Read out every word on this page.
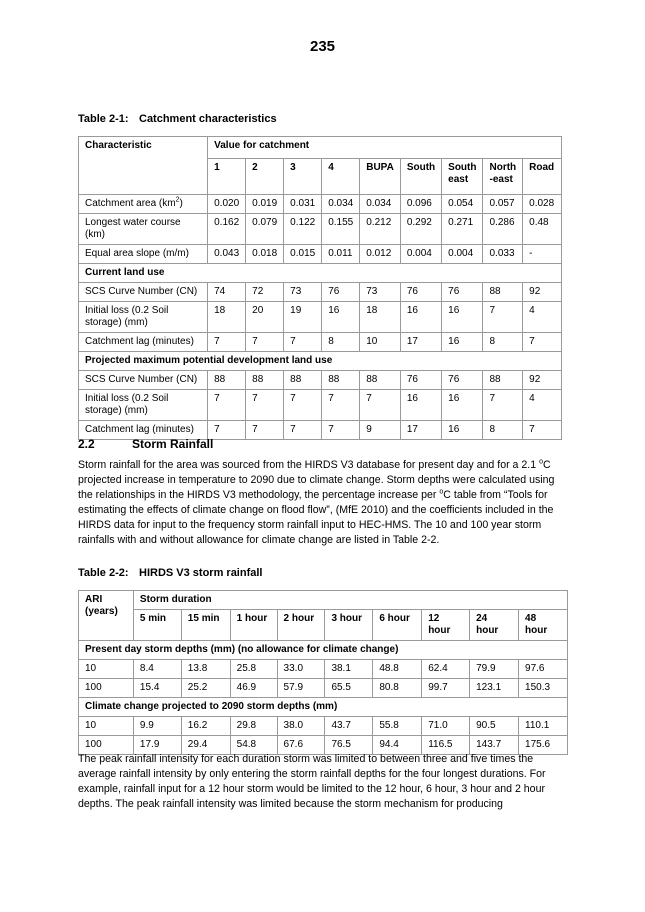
235
Table 2-1: Catchment characteristics
Characteristic	Value for catchment								
	1	2	3	4	BUPA	South	South east	North -east	Road
Catchment area $(km^2)$	0.020	0.019	0.031	0.034	0.034	0.096	0.054	0.057	0.028
Longest water course (km)	0.162	0.079	0.122	0.155	0.212	0.292	0.271	0.286	0.48
Equal area slope (m/m)	0.043	0.018	0.015	0.011	0.012	0.004	0.004	0.033	-
Current land use									
SCS Curve Number (CN)	74	72	73	76	73	76	76	88	92
Initial loss (0.2 Soil storage) (mm)	18	20	19	16	18	16	16	7	4
Catchment lag (minutes)	7	7	7	8	10	17	16	8	7
Projected maximum potential development land use									
SCS Curve Number (CN)	88	88	88	88	88	76	76	88	92
Initial loss (0.2 Soil storage) (mm)	7	7	7	7	7	16	16	7	4
Catchment lag (minutes)	7	7	7	7	9	17	16	8	7
2.2	Storm Rainfall

Storm rainfall for the area was sourced from the HIRDS V3 database for present day and for a 2.1 $^o$C projected increase in temperature to 2090 due to climate change. Storm depths were calculated using the relationships in the HIRDS V3 methodology, the percentage increase per $^o$C table from “Tools for estimating the effects of climate change on flood flow”, (MfE 2010) and the coefficients included in the HIRDS data for input to the frequency storm rainfall input to HEC-HMS. The 10 and 100 year storm rainfalls with and without allowance for climate change are listed in Table 2-2.

Table 2-2: HIRDS V3 storm rainfall
ARI (years)	Storm duration								
	5 min	15 min	1 hour	2 hour	3 hour	6 hour	12 hour	24 hour	48 hour
Present day storm depths (mm) (no allowance for climate change)									
10	8.4	13.8	25.8	33.0	38.1	48.8	62.4	79.9	97.6
100	15.4	25.2	46.9	57.9	65.5	80.8	99.7	123.1	150.3
Climate change projected to 2090 storm depths (mm)									
10	9.9	16.2	29.8	38.0	43.7	55.8	71.0	90.5	110.1
100	17.9	29.4	54.8	67.6	76.5	94.4	116.5	143.7	175.6

The peak rainfall intensity for each duration storm was limited to between three and five times the average rainfall intensity by only entering the storm rainfall depths for the four longest durations. For example, rainfall input for a 12 hour storm would be limited to the 12 hour, 6 hour, 3 hour and 2 hour depths. The peak rainfall intensity was limited because the storm mechanism for producing
